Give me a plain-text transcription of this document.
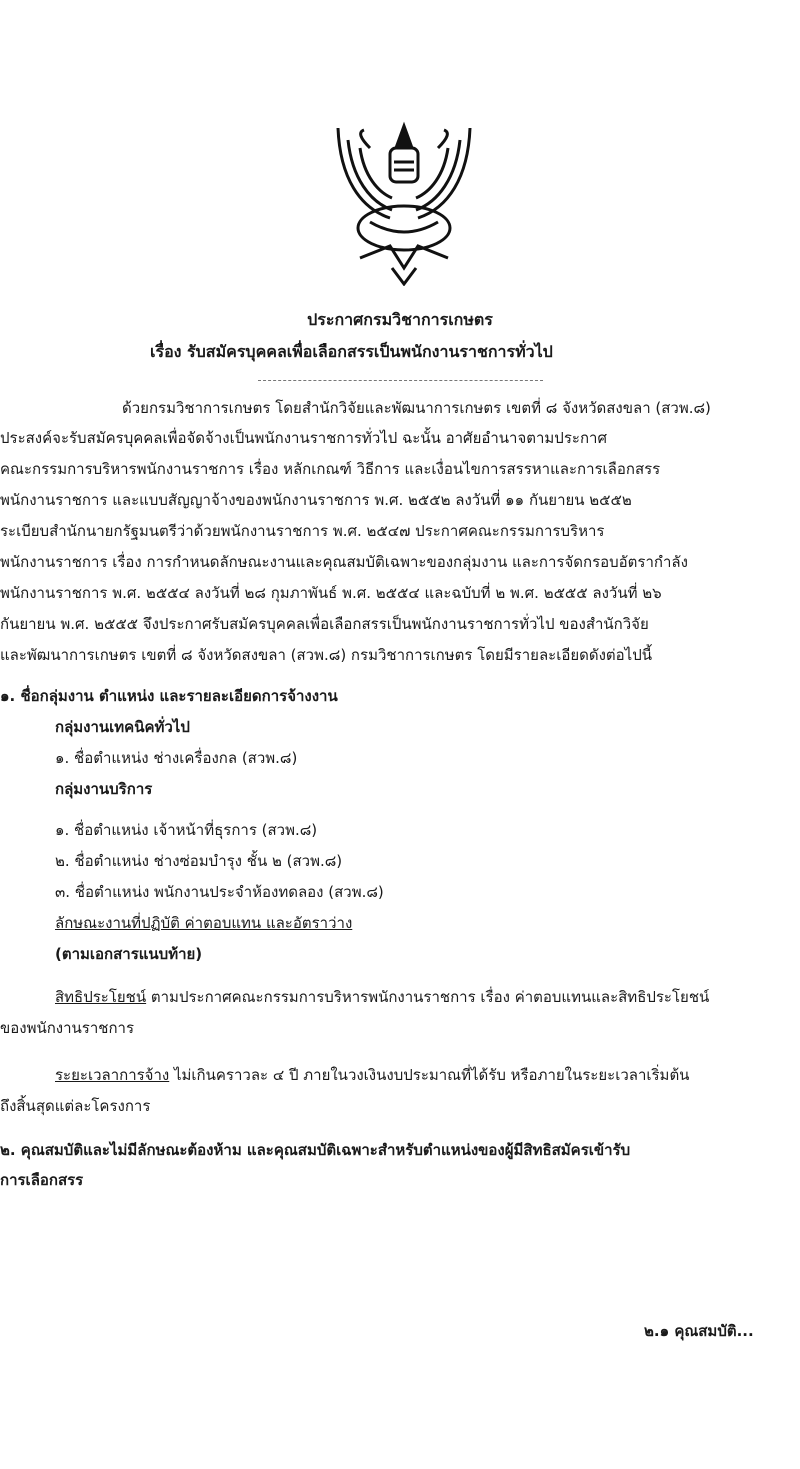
ประกาศกรมวิชาการเกษตร
เรื่อง รับสมัครบุคคลเพื่อเลือกสรรเป็นพนักงานราชการทั่วไป
ด้วยกรมวิชาการเกษตร โดยสำนักวิจัยและพัฒนาการเกษตร เขตที่ ๘ จังหวัดสงขลา (สวพ.๘)
ประสงค์จะรับสมัครบุคคลเพื่อจัดจ้างเป็นพนักงานราชการทั่วไป ฉะนั้น อาศัยอำนาจตามประกาศ
คณะกรรมการบริหารพนักงานราชการ เรื่อง หลักเกณฑ์ วิธีการ และเงื่อนไขการสรรหาและการเลือกสรร
พนักงานราชการ และแบบสัญญาจ้างของพนักงานราชการ พ.ศ. ๒๕๕๒ ลงวันที่ ๑๑ กันยายน ๒๕๕๒
ระเบียบสำนักนายกรัฐมนตรีว่าด้วยพนักงานราชการ พ.ศ. ๒๕๔๗ ประกาศคณะกรรมการบริหาร
พนักงานราชการ เรื่อง การกำหนดลักษณะงานและคุณสมบัติเฉพาะของกลุ่มงาน และการจัดกรอบอัตรากำลัง
พนักงานราชการ พ.ศ. ๒๕๕๔ ลงวันที่ ๒๘ กุมภาพันธ์ พ.ศ. ๒๕๕๔ และฉบับที่ ๒ พ.ศ. ๒๕๕๕ ลงวันที่ ๒๖
กันยายน พ.ศ. ๒๕๕๕ จึงประกาศรับสมัครบุคคลเพื่อเลือกสรรเป็นพนักงานราชการทั่วไป ของสำนักวิจัย
และพัฒนาการเกษตร เขตที่ ๘ จังหวัดสงขลา (สวพ.๘) กรมวิชาการเกษตร โดยมีรายละเอียดดังต่อไปนี้
๑. ชื่อกลุ่มงาน ตำแหน่ง และรายละเอียดการจ้างงาน
กลุ่มงานเทคนิคทั่วไป
๑. ชื่อตำแหน่ง ช่างเครื่องกล (สวพ.๘)
กลุ่มงานบริการ
๑. ชื่อตำแหน่ง เจ้าหน้าที่ธุรการ (สวพ.๘)
๒. ชื่อตำแหน่ง ช่างซ่อมบำรุง ชั้น ๒ (สวพ.๘)
๓. ชื่อตำแหน่ง พนักงานประจำห้องทดลอง (สวพ.๘)
ลักษณะงานที่ปฏิบัติ ค่าตอบแทน และอัตราว่าง
(ตามเอกสารแนบท้าย)
สิทธิประโยชน์ ตามประกาศคณะกรรมการบริหารพนักงานราชการ เรื่อง ค่าตอบแทนและสิทธิประโยชน์
ของพนักงานราชการ
ระยะเวลาการจ้าง ไม่เกินคราวละ ๔ ปี ภายในวงเงินงบประมาณที่ได้รับ หรือภายในระยะเวลาเริ่มต้น
ถึงสิ้นสุดแต่ละโครงการ
๒. คุณสมบัติและไม่มีลักษณะต้องห้าม และคุณสมบัติเฉพาะสำหรับตำแหน่งของผู้มีสิทธิสมัครเข้ารับ
การเลือกสรร
๒.๑ คุณสมบัติ...
